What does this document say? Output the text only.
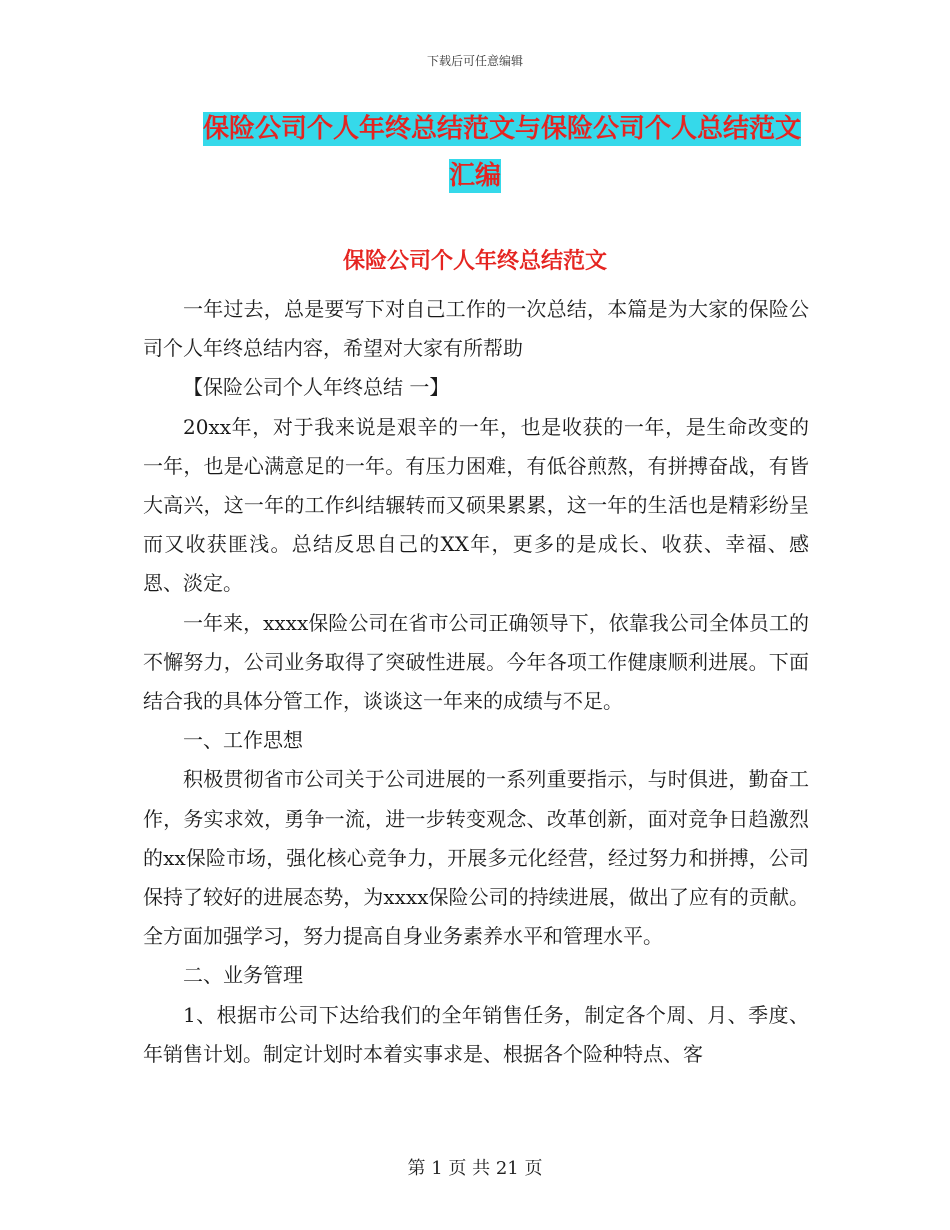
下载后可任意编辑
保险公司个人年终总结范文与保险公司个人总结范文
汇编
保险公司个人年终总结范文

一年过去，总是要写下对自己工作的一次总结，本篇是为大家的保险公司个人年终总结内容，希望对大家有所帮助

【保险公司个人年终总结 一】

20xx年，对于我来说是艰辛的一年，也是收获的一年，是生命改变的一年，也是心满意足的一年。有压力困难，有低谷煎熬，有拼搏奋战，有皆大高兴，这一年的工作纠结辗转而又硕果累累，这一年的生活也是精彩纷呈而又收获匪浅。总结反思自己的XX年，更多的是成长、收获、幸福、感恩、淡定。

一年来，xxxx保险公司在省市公司正确领导下，依靠我公司全体员工的不懈努力，公司业务取得了突破性进展。今年各项工作健康顺利进展。下面结合我的具体分管工作，谈谈这一年来的成绩与不足。

一、工作思想

积极贯彻省市公司关于公司进展的一系列重要指示，与时俱进，勤奋工作，务实求效，勇争一流，进一步转变观念、改革创新，面对竞争日趋激烈的xx保险市场，强化核心竞争力，开展多元化经营，经过努力和拼搏，公司保持了较好的进展态势，为xxxx保险公司的持续进展，做出了应有的贡献。全方面加强学习，努力提高自身业务素养水平和管理水平。

二、业务管理

1、根据市公司下达给我们的全年销售任务，制定各个周、月、季度、年销售计划。制定计划时本着实事求是、根据各个险种特点、客

第 1 页 共 21 页
